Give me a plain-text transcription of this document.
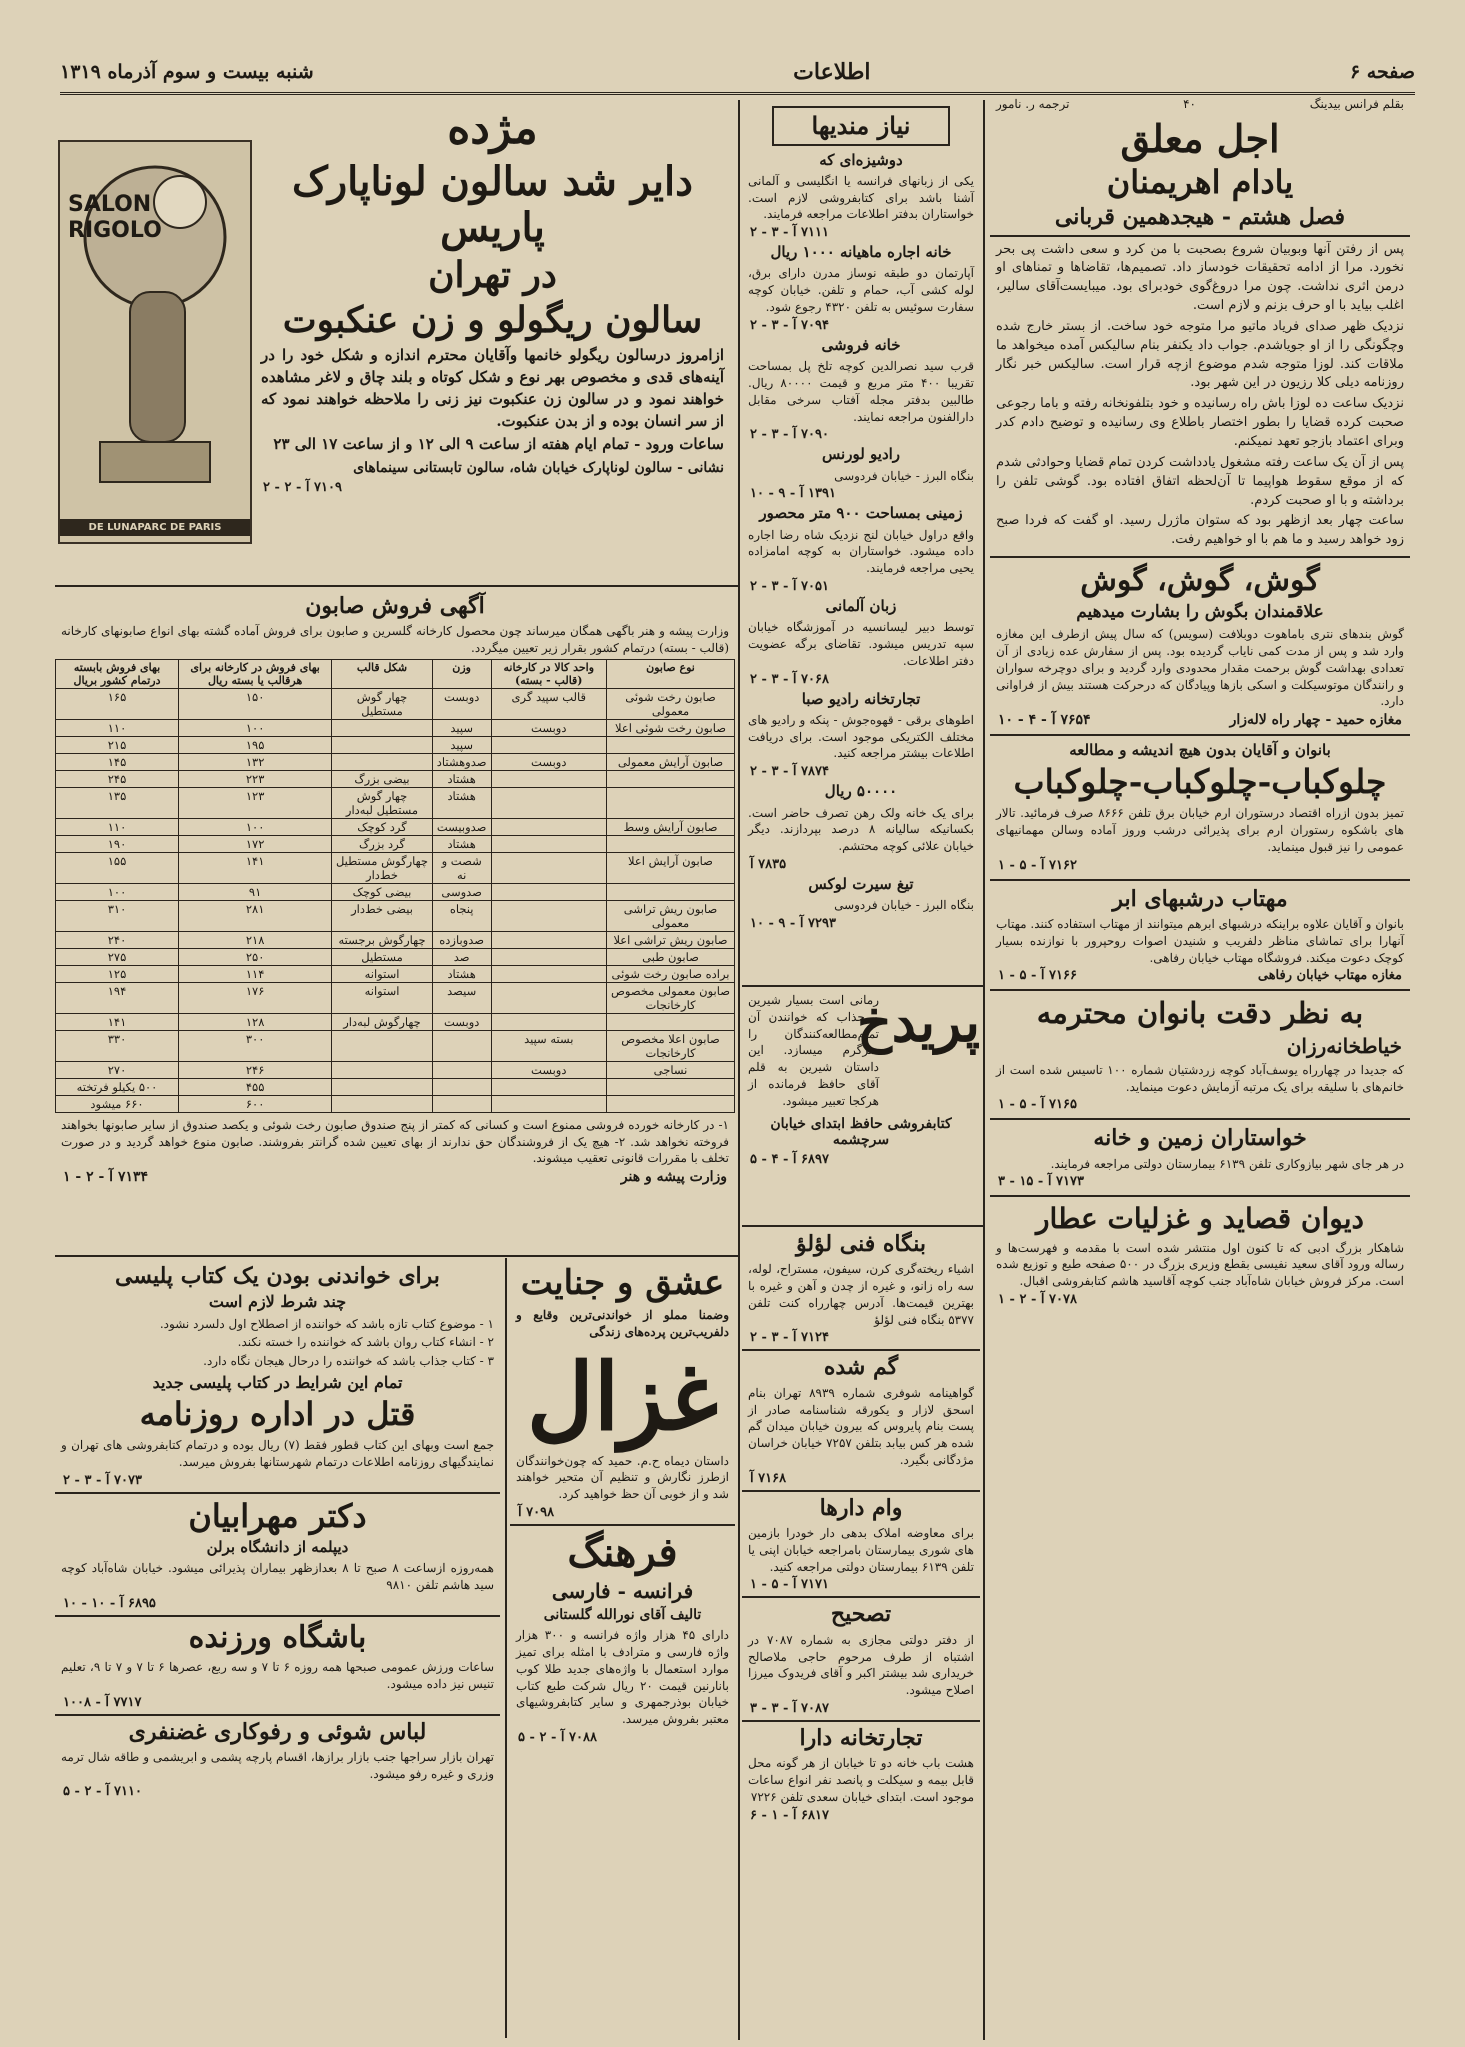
صفحه ۶
اطلاعات
شنبه بیست و سوم آذرماه ۱۳۱۹
بقلم فرانس بیدینگ
۴۰
ترجمه ر. نامور
اجل معلق
یادام اهریمنان
فصل هشتم - هیجدهمین قربانی

پس از رفتن آنها وبوبیان شروع بصحبت با من کرد و سعی داشت پی بحر نخورد. مرا از ادامه تحقیقات خودساز داد. تصمیم‌ها، تقاضاها و تمناهای او درمن اثری نداشت. چون مرا دروغ‌گوی خودبرای بود. میبایست‌آقای سالیر، اغلب بیاید با او حرف بزنم و لازم است.

نزدیک ظهر صدای فریاد ماتیو مرا متوجه خود ساخت. از بستر خارج شده وچگونگی را از او جویاشدم. جواب داد یکنفر بنام سالیکس آمده میخواهد ما ملاقات کند. لوزا متوجه شدم موضوع ازچه قرار است. سالیکس خبر نگار روزنامه دیلی کلا رزیون در این شهر بود.

نزدیک ساعت ده لوزا باش راه رسانیده و خود بتلفونخانه رفته و باما رجوعی صحبت کرده قضایا را بطور اختصار باطلاع وی رسانیده و توضیح دادم کدر وبرای اعتماد بازجو تعهد نمیکنم.

پس از آن یک ساعت رفته مشغول یادداشت کردن تمام قضایا وحوادثی شدم که از موقع سقوط هواپیما تا آن‌لحظه اتفاق افتاده بود. گوشی تلفن را برداشته و با او صحبت کردم.

ساعت چهار بعد ازظهر بود که ستوان ماژرل رسید. او گفت که فردا صبح زود خواهد رسید و ما هم با او خواهیم رفت.

گوش، گوش، گوش
علاقمندان بگوش را بشارت میدهیم

گوش بندهای نتری باماهوت دوبلافت (سویس) که سال پیش ازطرف این مغازه وارد شد و پس از مدت کمی نایاب گردیده بود. پس از سفارش عده زیادی از آن تعدادی بهداشت گوش برحمت مقدار محدودی وارد گردید و برای دوچرخه سواران و رانندگان موتوسیکلت و اسکی بازها وپیادگان که درحرکت هستند بیش از فراوانی دارد.

مغازه حمید - چهار راه لاله‌زار
۷۶۵۴ آ - ۴ - ۱۰
بانوان و آقایان بدون هیچ اندیشه و مطالعه
چلوکباب-چلوکباب-چلوکباب

تمیز بدون ازراه اقتصاد درستوران ارم خیابان برق تلفن ۸۶۶۶ صرف فرمائید. تالار های باشکوه رستوران ارم برای پذیرائی درشب وروز آماده وسالن مهمانیهای عمومی را نیز قبول مینماید.

۷۱۶۲ آ - ۵ - ۱
مهتاب درشبهای ابر

بانوان و آقایان علاوه براینکه درشبهای ابرهم میتوانند از مهتاب استفاده کنند. مهتاب آنهارا برای تماشای مناظر دلفریب و شنیدن اصوات روحپرور با نوازنده بسیار کوچک دعوت میکند. فروشگاه مهتاب خیابان رفاهی.

مغازه مهتاب خیابان رفاهی
۷۱۶۶ آ - ۵ - ۱
به نظر دقت بانوان محترمه
خیاطخانه‌رزان

که جدیدا در چهارراه یوسف‌آباد کوچه زردشتیان شماره ۱۰۰ تاسیس شده است از خانم‌های با سلیقه برای یک مرتبه آزمایش دعوت مینماید.

۷۱۶۵ آ - ۵ - ۱
خواستاران زمین و خانه

در هر جای شهر بیازوکاری تلفن ۶۱۳۹ بیمارستان دولتی مراجعه فرمایند.

۷۱۷۳ آ - ۱۵ - ۳
دیوان قصاید و غزلیات عطار

شاهکار بزرگ ادبی که تا کنون اول منتشر شده است با مقدمه و فهرست‌ها و رساله ورود آقای سعید نفیسی بقطع وزیری بزرگ در ۵۰۰ صفحه طبع و توزیع شده است. مرکز فروش خیابان شاه‌آباد جنب کوچه آقاسید هاشم کتابفروشی اقبال.

۷۰۷۸ آ - ۲ - ۱
نیاز مندیها
دوشیزه‌ای که

یکی از زبانهای فرانسه یا انگلیسی و آلمانی آشنا باشد برای کتابفروشی لازم است. خواستاران بدفتر اطلاعات مراجعه فرمایند.

۷۱۱۱ آ - ۳ - ۲
خانه اجاره ماهیانه ۱۰۰۰ ریال

آپارتمان دو طبقه نوساز مدرن دارای برق، لوله کشی آب، حمام و تلفن. خیابان کوچه سفارت سوئیس به تلفن ۴۳۲۰ رجوع شود.

۷۰۹۴ آ - ۳ - ۲
خانه فروشی

قرب سید نصرالدین کوچه تلخ پل بمساحت تقریبا ۴۰۰ متر مربع و قیمت ۸۰۰۰۰ ریال. طالبین بدفتر مجله آفتاب سرخی مقابل دارالفنون مراجعه نمایند.

۷۰۹۰ آ - ۳ - ۲
رادیو لورنس

بنگاه البرز - خیابان فردوسی

۱۳۹۱ آ - ۹ - ۱۰
زمینی بمساحت ۹۰۰ متر محصور

واقع دراول خیابان لنج نزدیک شاه رضا اجاره داده میشود. خواستاران به کوچه امامزاده یحیی مراجعه فرمایند.

۷۰۵۱ آ - ۳ - ۲
زبان آلمانی

توسط دبیر لیسانسیه در آموزشگاه خیابان سپه تدریس میشود. تقاضای برگه عضویت دفتر اطلاعات.

۷۰۶۸ آ - ۳ - ۲
تجارتخانه رادیو صبا

اطوهای برقی - قهوه‌جوش - پنکه و رادیو های مختلف الکتریکی موجود است. برای دریافت اطلاعات بیشتر مراجعه کنید.

۷۸۷۴ آ - ۳ - ۲
۵۰۰۰۰ ریال

برای یک خانه ولک رهن تصرف حاضر است. بکسانیکه سالیانه ۸ درصد بپردازند. دیگر خیابان علائی کوچه محتشم.

۷۸۳۵ آ
تیغ سیرت لوکس

بنگاه البرز - خیابان فردوسی

۷۲۹۳ آ - ۹ - ۱۰
پریدخ

رمانی است بسیار شیرین و جذاب که خوانندن آن تمام‌مطالعه‌کنندگان را سرگرم میسازد. این داستان شیرین به قلم آقای حافظ فرمانده از هرکجا تعبیر میشود.

کتابفروشی حافظ ابتدای خیابان سرچشمه
۶۸۹۷ آ - ۴ - ۵
بنگاه فنی لؤلؤ

اشیاء ریخته‌گری کرن، سیفون، مستراح، لوله، سه راه زانو، و غیره از چدن و آهن و غیره با بهترین قیمت‌ها. آدرس چهارراه کنت تلفن ۵۳۷۷ بنگاه فنی لؤلؤ

۷۱۲۴ آ - ۳ - ۲
گم شده

گواهینامه شوفری شماره ۸۹۳۹ تهران بنام اسحق لازار و یکورقه شناسنامه صادر از پست بنام پایروس که بیرون خیابان میدان گم شده هر کس بیابد بتلفن ۷۲۵۷ خیابان خراسان مژدگانی بگیرد.

۷۱۶۸ آ
وام دارها

برای معاوضه املاک بدهی دار خودرا بازمین های شوری بیمارستان بامراجعه خیابان اپنی یا تلفن ۶۱۳۹ بیمارستان دولتی مراجعه کنید.

۷۱۷۱ آ - ۵ - ۱
تصحیح

از دفتر دولتی مجازی به شماره ۷۰۸۷ در اشتباه از طرف مرحوم حاجی ملاصالح خریداری شد بیشتر اکبر و آقای فریدوک میرزا اصلاح میشود.

۷۰۸۷ آ - ۳ - ۳
تجارتخانه دارا

هشت باب خانه دو تا خیابان از هر گونه محل قابل بیمه و سیکلت و پانصد نفر انواع ساعات موجود است. ابتدای خیابان سعدی تلفن ۷۲۲۶

۶۸۱۷ آ - ۱ - ۶
SALON
RIGOLO
DE LUNAPARC DE PARIS
مژده
دایر شد سالون لوناپارک پاریس
در تهران
سالون ریگولو و زن عنکبوت

ازامروز درسالون ریگولو خانمها وآقایان محترم اندازه و شکل خود را در آینه‌های قدی و مخصوص بهر نوع و شکل کوتاه و بلند چاق و لاغر مشاهده خواهند نمود و در سالون زن عنکبوت نیز زنی را ملاحظه خواهند نمود که از سر انسان بوده و از بدن عنکبوت.

ساعات ورود - تمام ایام هفته از ساعت ۹ الی ۱۲ و از ساعت ۱۷ الی ۲۳

نشانی - سالون لوناپارک خیابان شاه، سالون تابستانی سینماهای

۷۱۰۹ آ - ۲ - ۲
آگهی فروش صابون

وزارت پیشه و هنر باگهی همگان میرساند چون محصول کارخانه گلسرین و صابون برای فروش آماده گشته بهای انواع صابونهای کارخانه (قالب - بسته) درتمام کشور بقرار زیر تعیین میگردد.

نوع صابون	واحد کالا در کارخانه (قالب - بسته)	وزن	شکل قالب	بهای فروش در کارخانه برای هرقالب یا بسته ریال	بهای فروش بابسته درتمام کشور بریال
صابون رخت شوئی معمولی	قالب سپید گری	دوبست	چهار گوش مستطیل	۱۵۰	۱۶۵
صابون رخت شوئی اعلا	دوبست	سپید		۱۰۰	۱۱۰
		سپید		۱۹۵	۲۱۵
صابون آرایش معمولی	دوبست	صدوهشتاد		۱۳۲	۱۴۵
		هشتاد	بیضی بزرگ	۲۲۳	۲۴۵
		هشتاد	چهار گوش مستطیل لبه‌دار	۱۲۳	۱۳۵
صابون آرایش وسط		صدوبیست	گرد کوچک	۱۰۰	۱۱۰
		هشتاد	گرد بزرگ	۱۷۲	۱۹۰
صابون آرایش اعلا		شصت و نه	چهارگوش مستطیل خط‌دار	۱۴۱	۱۵۵
		صدوسی	بیضی کوچک	۹۱	۱۰۰
صابون ریش تراشی معمولی		پنجاه	بیضی خط‌دار	۲۸۱	۳۱۰
صابون ریش تراشی اعلا		صدوبازده	چهارگوش برجسته	۲۱۸	۲۴۰
صابون طبی		صد	مستطیل	۲۵۰	۲۷۵
براده صابون رخت شوئی		هشتاد	استوانه	۱۱۴	۱۲۵
صابون معمولی مخصوص کارخانجات		سیصد	استوانه	۱۷۶	۱۹۴
		دوبست	چهارگوش لبه‌دار	۱۲۸	۱۴۱
صابون اعلا مخصوص کارخانجات	بسته سپید			۳۰۰	۳۳۰
نساجی	دوبست			۲۴۶	۲۷۰
				۴۵۵	۵۰۰ یکیلو فرتخته
				۶۰۰	۶۶۰ میشود

۱- در کارخانه خورده فروشی ممنوع است و کسانی که کمتر از پنج صندوق صابون رخت شوئی و یکصد صندوق از سایر صابونها بخواهند فروخته نخواهد شد. ۲- هیچ یک از فروشندگان حق ندارند از بهای تعیین شده گرانتر بفروشند. صابون منوع خواهد گردید و در صورت تخلف با مقررات قانونی تعقیب میشوند.

وزارت پیشه و هنر
۷۱۳۴ آ - ۲ - ۱
برای خواندنی بودن یک کتاب پلیسی
چند شرط لازم است

۱ - موضوع کتاب تازه باشد که خواننده از اصطلاح اول دلسرد نشود.

۲ - انشاء کتاب روان باشد که خواننده را خسته نکند.

۳ - کتاب جذاب باشد که خواننده را درحال هیجان نگاه دارد.

تمام این شرایط در کتاب پلیسی جدید
قتل در اداره روزنامه

جمع است وبهای این کتاب قطور فقط (۷) ریال بوده و درتمام کتابفروشی های تهران و نمایندگیهای روزنامه اطلاعات درتمام شهرستانها بفروش میرسد.

۷۰۷۳ آ - ۳ - ۲
دکتر مهرابیان
دیپلمه از دانشگاه برلن

همه‌روزه ازساعت ۸ صبح تا ۸ بعدازظهر بیماران پذیرائی میشود. خیابان شاه‌آباد کوچه سید هاشم تلفن ۹۸۱۰

۶۸۹۵ آ - ۱۰ - ۱۰
باشگاه ورزنده

ساعات ورزش عمومی صبحها همه روزه ۶ تا ۷ و سه ربع، عصرها ۶ تا ۷ و ۷ تا ۹، تعلیم تنیس نیز داده میشود.

۷۷۱۷ آ - ۱۰۰۸
لباس شوئی و رفوکاری غضنفری

تهران بازار سراجها جنب بازار برازها، اقسام پارچه پشمی و ابریشمی و طاقه شال ترمه وزری و غیره رفو میشود.

۷۱۱۰ آ - ۲ - ۵
عشق و جنایت

وضمنا مملو از خواندنی‌ترین وقایع و دلفریب‌ترین پرده‌های زندگی

غزال

داستان دیماه ح.م. حمید که چون‌خوانندگان ازطرز نگارش و تنظیم آن متحیر خواهند شد و از خوبی آن حظ خواهید کرد.

۷۰۹۸ آ
فرهنگ
فرانسه - فارسی
تالیف آقای نورالله گلستانی

دارای ۴۵ هزار واژه فرانسه و ۳۰۰ هزار واژه فارسی و مترادف با امثله برای تمیز موارد استعمال با واژه‌های جدید طلا کوب بانارنین قیمت ۲۰ ریال شرکت طبع کتاب خیابان بوذرجمهری و سایر کتابفروشیهای معتبر بفروش میرسد.

۷۰۸۸ آ - ۲ - ۵
